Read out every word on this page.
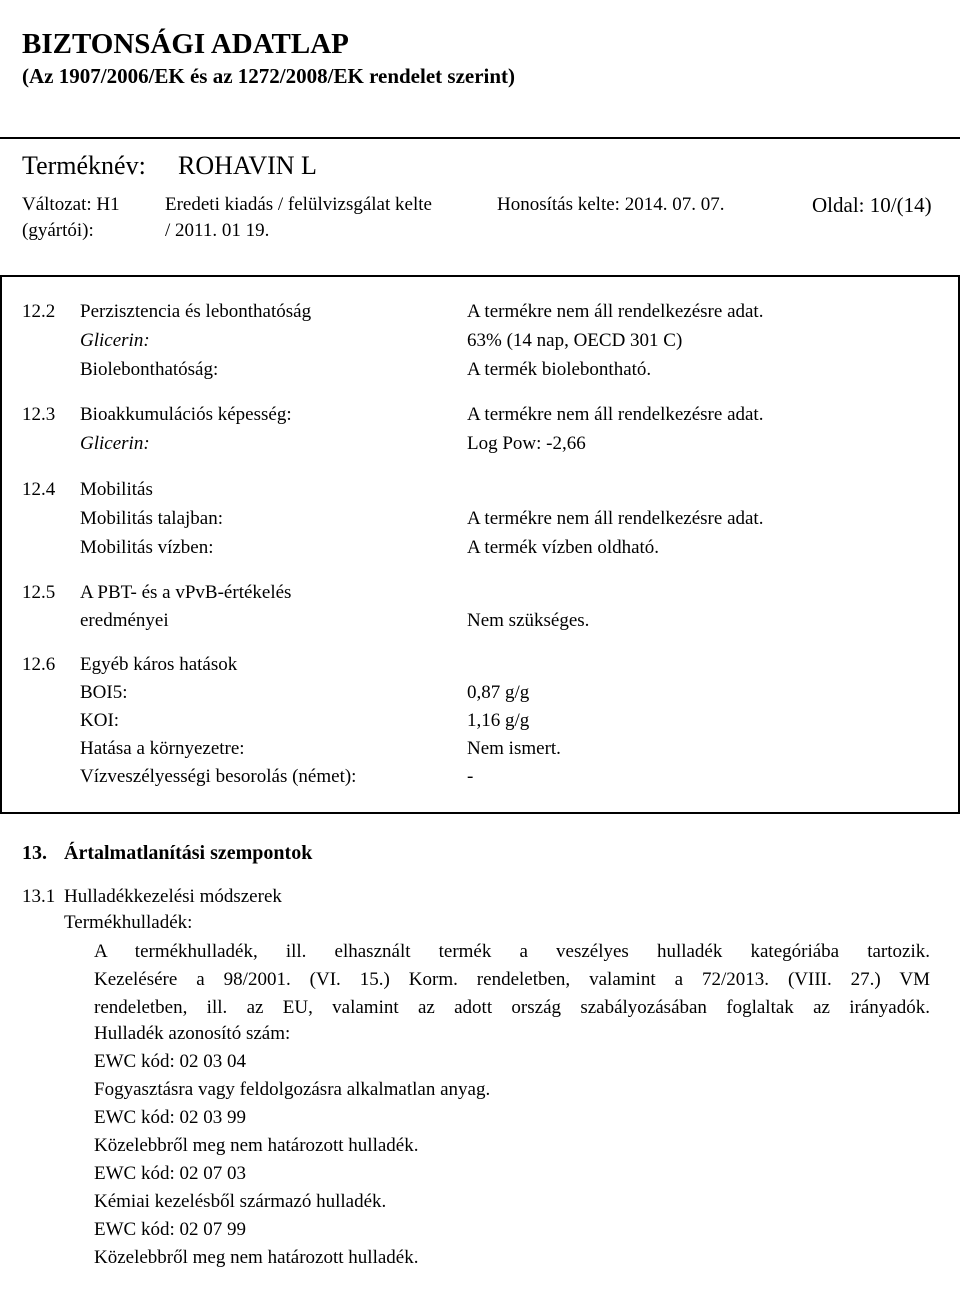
BIZTONSÁGI ADATLAP
(Az 1907/2006/EK és az 1272/2008/EK rendelet szerint)
Terméknév: ROHAVIN L
Változat: H1 Eredeti kiadás / felülvizsgálat kelte
(gyártói):	/ 2011. 01 19.
Honosítás kelte: 2014. 07. 07.	Oldal: 10/(14)
12.2 Perzisztencia és lebonthatóság	A termékre nem áll rendelkezésre adat.
Glicerin:	63% (14 nap, OECD 301 C)
Biolebonthatóság:	A termék biolebontható.
12.3 Bioakkumulációs képesség:	A termékre nem áll rendelkezésre adat.
Glicerin:	Log Pow: -2,66
12.4 Mobilitás
Mobilitás talajban:	A termékre nem áll rendelkezésre adat.
Mobilitás vízben:	A termék vízben oldható.
12.5 A PBT- és a vPvB-értékelés
eredményei	Nem szükséges.
12.6 Egyéb káros hatások
BOI5:	0,87 g/g
KOI:	1,16 g/g
Hatása a környezetre:	Nem ismert.
Vízveszélyességi besorolás (német):	-
13. Ártalmatlanítási szempontok
13.1 Hulladékkezelési módszerek
Termékhulladék:
A termékhulladék, ill. elhasznált termék a veszélyes hulladék kategóriába tartozik.
Kezelésére a 98/2001. (VI. 15.) Korm. rendeletben, valamint a 72/2013. (VIII. 27.) VM
rendeletben, ill. az EU, valamint az adott ország szabályozásában foglaltak az irányadók.
Hulladék azonosító szám:
EWC kód: 02 03 04
Fogyasztásra vagy feldolgozásra alkalmatlan anyag.
EWC kód: 02 03 99
Közelebbről meg nem határozott hulladék.
EWC kód: 02 07 03
Kémiai kezelésből származó hulladék.
EWC kód: 02 07 99
Közelebbről meg nem határozott hulladék.
